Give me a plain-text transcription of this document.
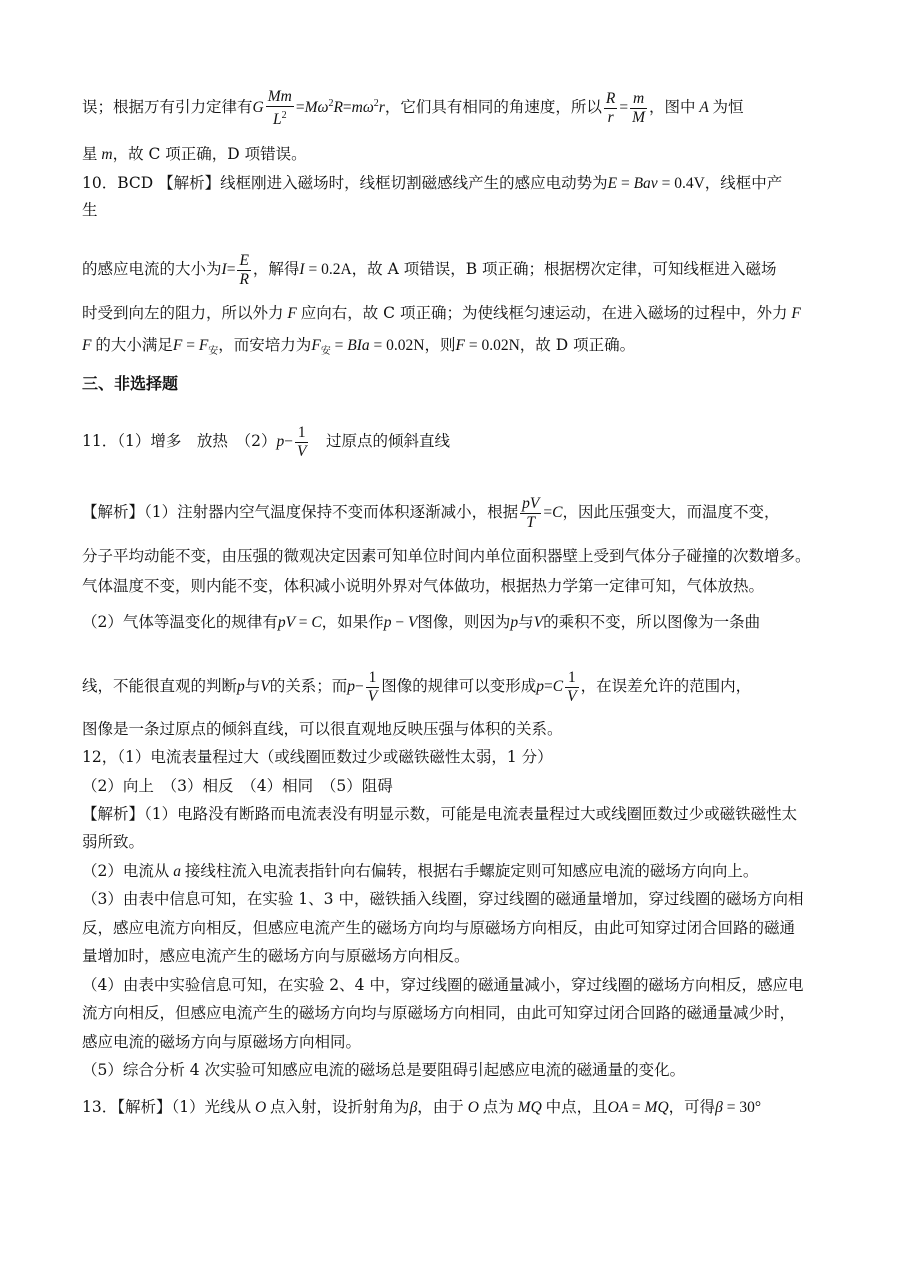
误；根据万有引力定律有G $\frac{Mm}{L^2} =M\omega^2R=m\omega^2r$，它们具有相同的角速度，所以 $\frac{R}{r} = \frac{m}{M}$ ，图中 A 为恒
星 m，故 C 项正确，D 项错误。
10．BCD 【解析】线框刚进入磁场时，线框切割磁感线产生的感应电动势为E = Bav = 0.4V，线框中产
生
的感应电流的大小为$I= \frac{E}{R}$ ，解得I = 0.2A，故 A 项错误，B 项正确；根据楞次定律，可知线框进入磁场
时受到向左的阻力，所以外力 F 应向右，故 C 项正确；为使线框匀速运动，在进入磁场的过程中，外力 F
F 的大小满足$F = F_安$，而安培力为$F_安$ = BIa = 0.02N，则F = 0.02N，故 D 项正确。
三、非选择题
11．（1）增多　放热　$(2)p- \frac{1}{V}$
　 过原点的倾斜直线
【解析】（1）注射器内空气温度保持不变而体积逐渐减小，根据 $\frac{pV}{T} =C$，因此压强变大，而温度不变，
分子平均动能不变，由压强的微观决定因素可知单位时间内单位面积器壁上受到气体分子碰撞的次数增多。
气体温度不变，则内能不变，体积减小说明外界对气体做功，根据热力学第一定律可知，气体放热。
（2）气体等温变化的规律有pV = C，如果作p − V图像，则因为p与V的乘积不变，所以图像为一条曲
线，不能很直观的判断p与V的关系；而$p- \frac{1}{V}$ 图像的规律可以变形成$p=C \frac{1}{V}$ ，在误差允许的范围内，
图像是一条过原点的倾斜直线，可以很直观地反映压强与体积的关系。
12，（1）电流表量程过大（或线圈匝数过少或磁铁磁性太弱，1 分）
（2）向上　（3）相反　（4）相同　（5）阻碍
【解析】（1）电路没有断路而电流表没有明显示数，可能是电流表量程过大或线圈匝数过少或磁铁磁性太
弱所致。
（2）电流从 a 接线柱流入电流表指针向右偏转，根据右手螺旋定则可知感应电流的磁场方向向上。
（3）由表中信息可知，在实验 1、3 中，磁铁插入线圈，穿过线圈的磁通量增加，穿过线圈的磁场方向相
反，感应电流方向相反，但感应电流产生的磁场方向均与原磁场方向相反，由此可知穿过闭合回路的磁通
量增加时，感应电流产生的磁场方向与原磁场方向相反。
（4）由表中实验信息可知，在实验 2、4 中，穿过线圈的磁通量减小，穿过线圈的磁场方向相反，感应电
流方向相反，但感应电流产生的磁场方向均与原磁场方向相同，由此可知穿过闭合回路的磁通量减少时，
感应电流的磁场方向与原磁场方向相同。
（5）综合分析 4 次实验可知感应电流的磁场总是要阻碍引起感应电流的磁通量的变化。
13．【解析】（1）光线从 O 点入射，设折射角为β，由于 O 点为 MQ 中点，且OA = MQ，可得β = 30°
